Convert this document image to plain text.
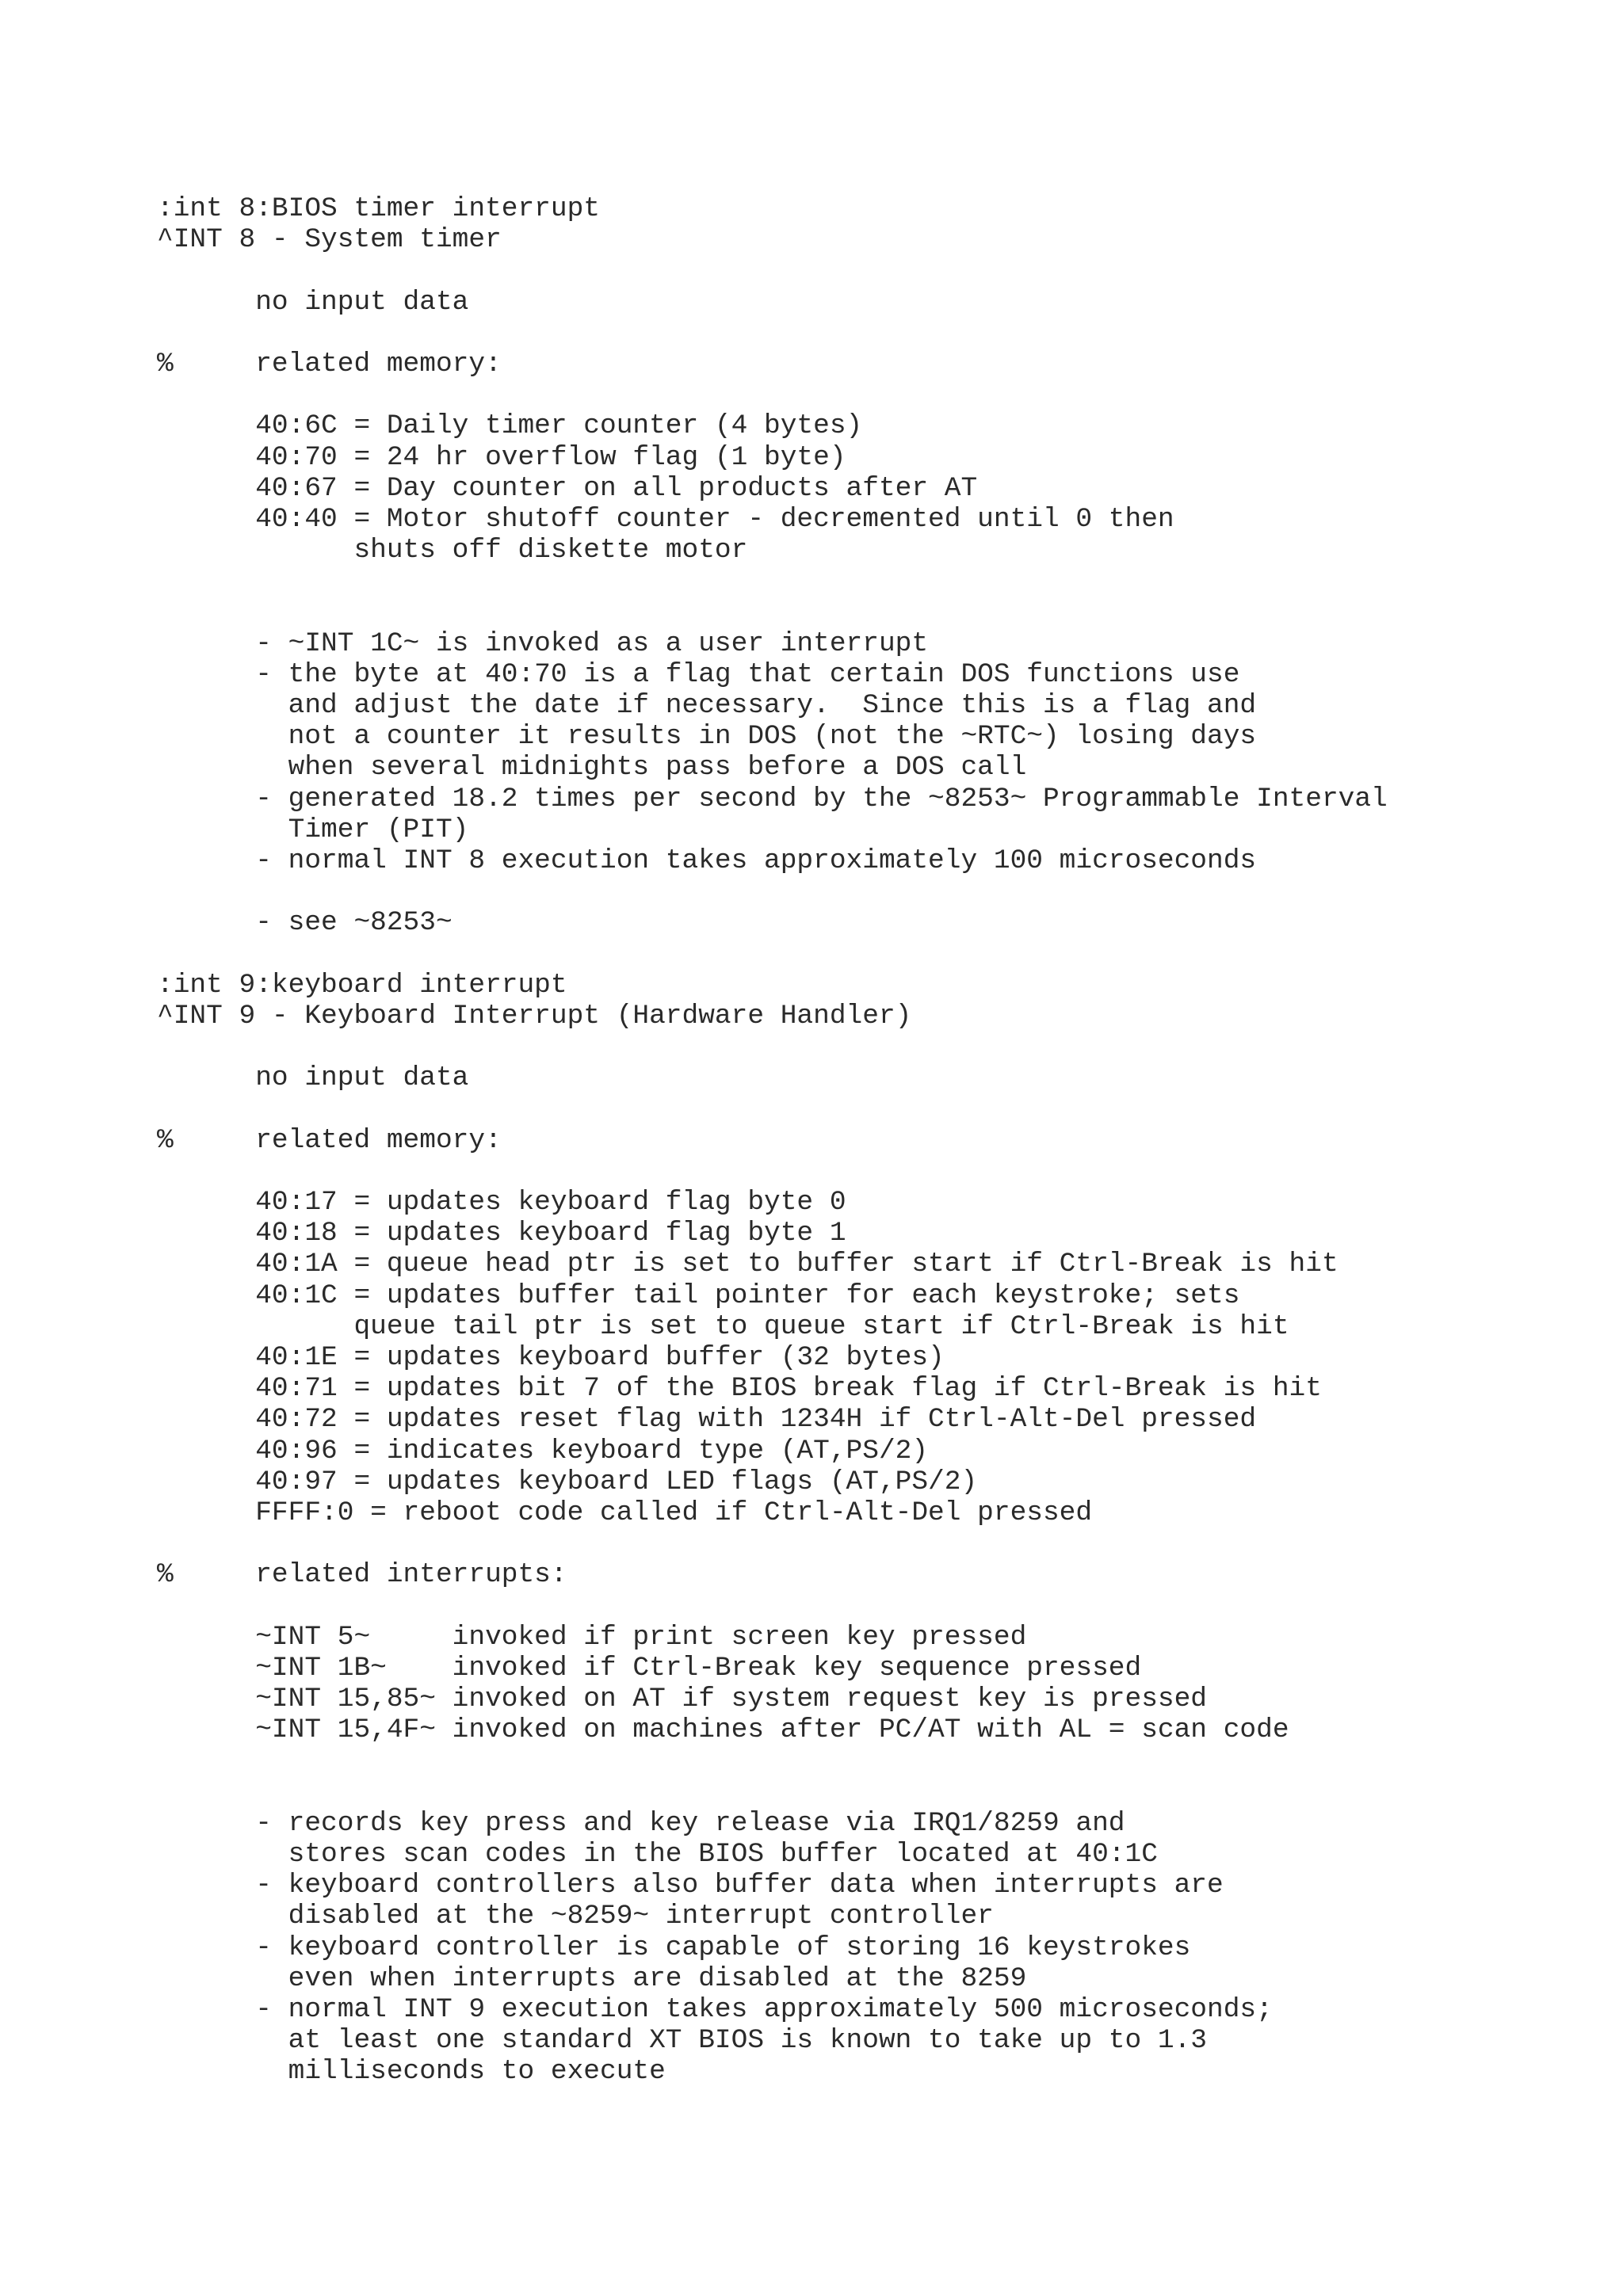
:int 8:BIOS timer interrupt
^INT 8 - System timer
no input data
%     related memory:
40:6C = Daily timer counter (4 bytes)
40:70 = 24 hr overflow flag (1 byte)
40:67 = Day counter on all products after AT
40:40 = Motor shutoff counter - decremented until 0 then
shuts off diskette motor
- ~INT 1C~ is invoked as a user interrupt
- the byte at 40:70 is a flag that certain DOS functions use
and adjust the date if necessary.  Since this is a flag and
not a counter it results in DOS (not the ~RTC~) losing days
when several midnights pass before a DOS call
- generated 18.2 times per second by the ~8253~ Programmable Interval
Timer (PIT)
- normal INT 8 execution takes approximately 100 microseconds
- see ~8253~
:int 9:keyboard interrupt
^INT 9 - Keyboard Interrupt (Hardware Handler)
no input data
%     related memory:
40:17 = updates keyboard flag byte 0
40:18 = updates keyboard flag byte 1
40:1A = queue head ptr is set to buffer start if Ctrl-Break is hit
40:1C = updates buffer tail pointer for each keystroke; sets
queue tail ptr is set to queue start if Ctrl-Break is hit
40:1E = updates keyboard buffer (32 bytes)
40:71 = updates bit 7 of the BIOS break flag if Ctrl-Break is hit
40:72 = updates reset flag with 1234H if Ctrl-Alt-Del pressed
40:96 = indicates keyboard type (AT,PS/2)
40:97 = updates keyboard LED flags (AT,PS/2)
FFFF:0 = reboot code called if Ctrl-Alt-Del pressed
%     related interrupts:
~INT 5~     invoked if print screen key pressed
~INT 1B~    invoked if Ctrl-Break key sequence pressed
~INT 15,85~ invoked on AT if system request key is pressed
~INT 15,4F~ invoked on machines after PC/AT with AL = scan code
- records key press and key release via IRQ1/8259 and
stores scan codes in the BIOS buffer located at 40:1C
- keyboard controllers also buffer data when interrupts are
disabled at the ~8259~ interrupt controller
- keyboard controller is capable of storing 16 keystrokes
even when interrupts are disabled at the 8259
- normal INT 9 execution takes approximately 500 microseconds;
at least one standard XT BIOS is known to take up to 1.3
milliseconds to execute
